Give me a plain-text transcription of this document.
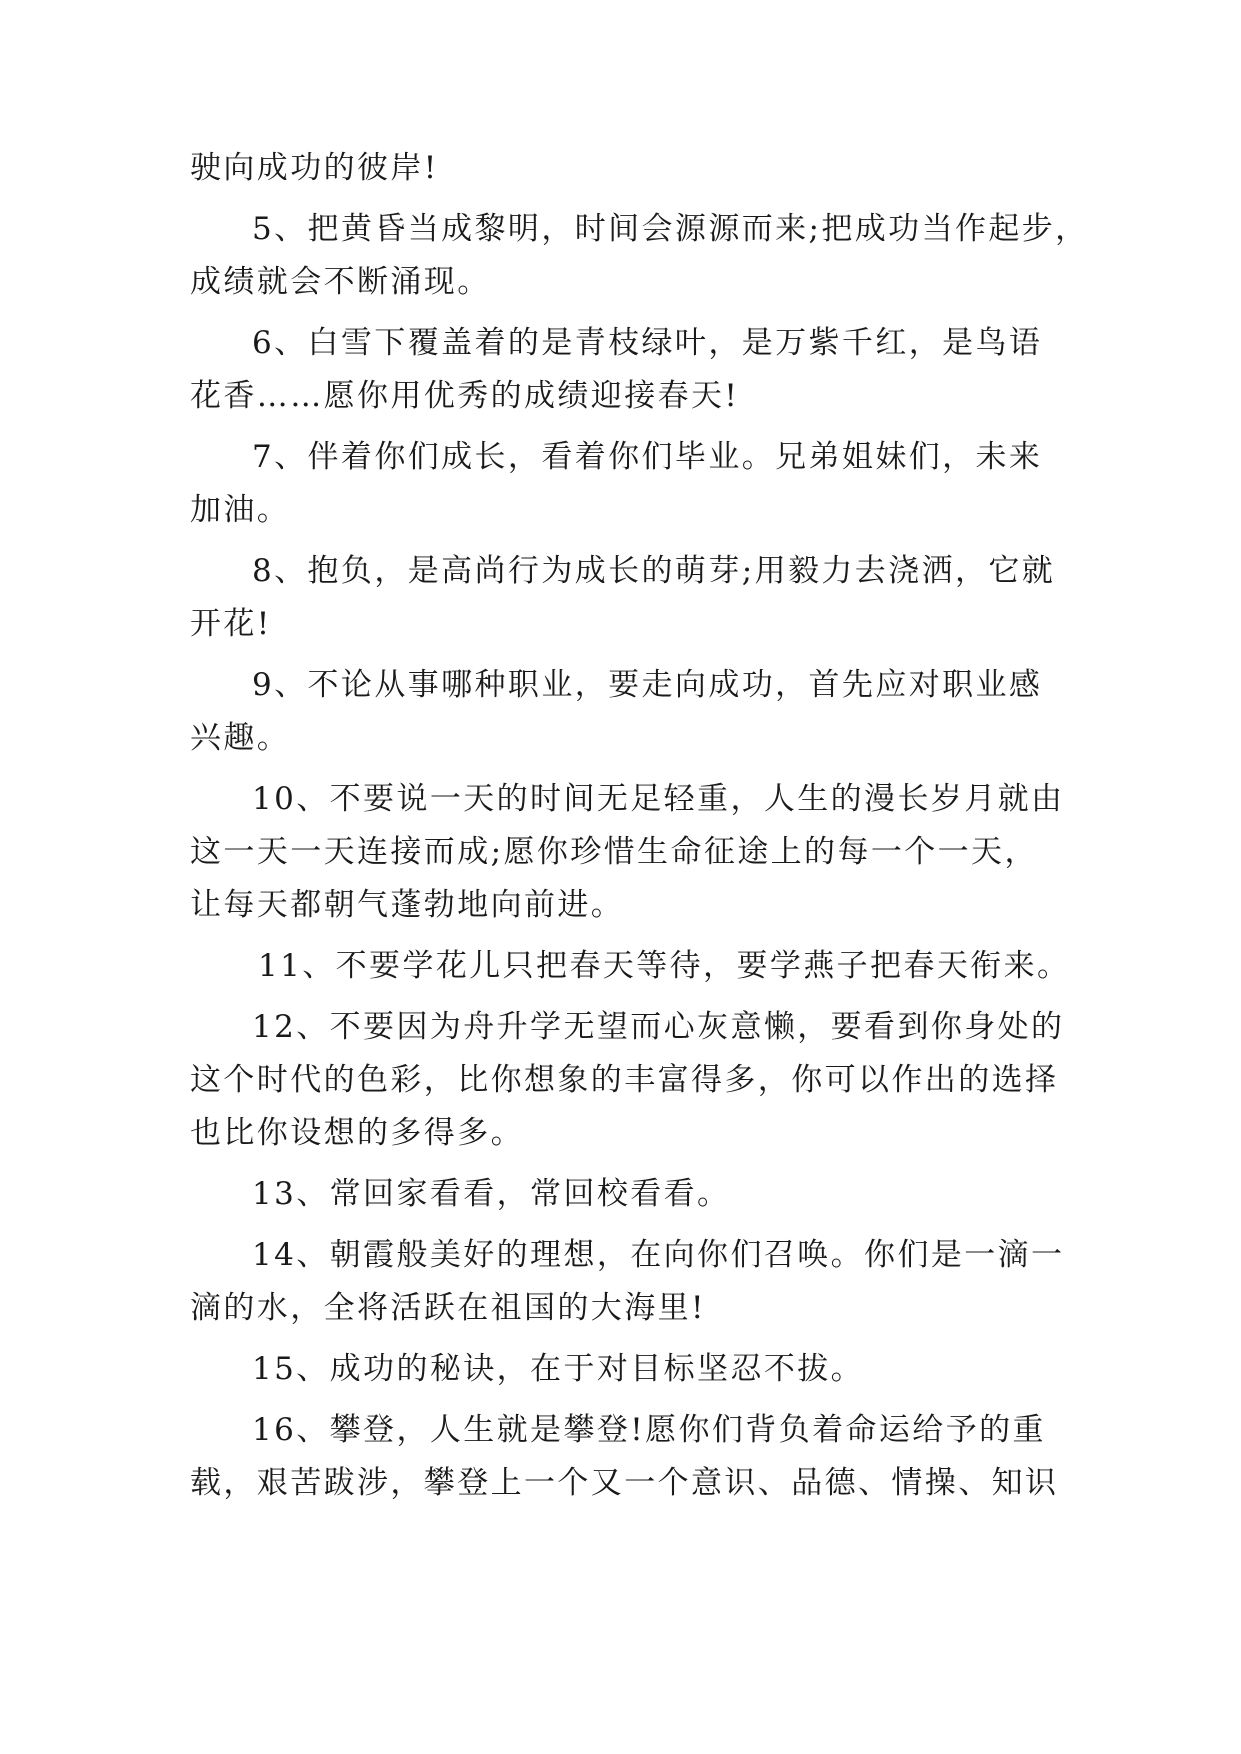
驶向成功的彼岸!
5、把黄昏当成黎明，时间会源源而来;把成功当作起步，
成绩就会不断涌现。
6、白雪下覆盖着的是青枝绿叶，是万紫千红，是鸟语
花香……愿你用优秀的成绩迎接春天!
7、伴着你们成长，看着你们毕业。兄弟姐妹们，未来
加油。
8、抱负，是高尚行为成长的萌芽;用毅力去浇洒，它就
开花!
9、不论从事哪种职业，要走向成功，首先应对职业感
兴趣。
10、不要说一天的时间无足轻重，人生的漫长岁月就由
这一天一天连接而成;愿你珍惜生命征途上的每一个一天，
让每天都朝气蓬勃地向前进。
11、不要学花儿只把春天等待，要学燕子把春天衔来。
12、不要因为舟升学无望而心灰意懒，要看到你身处的
这个时代的色彩，比你想象的丰富得多，你可以作出的选择
也比你设想的多得多。
13、常回家看看，常回校看看。
14、朝霞般美好的理想，在向你们召唤。你们是一滴一
滴的水，全将活跃在祖国的大海里!
15、成功的秘诀，在于对目标坚忍不拔。
16、攀登，人生就是攀登!愿你们背负着命运给予的重
载，艰苦跋涉，攀登上一个又一个意识、品德、情操、知识
